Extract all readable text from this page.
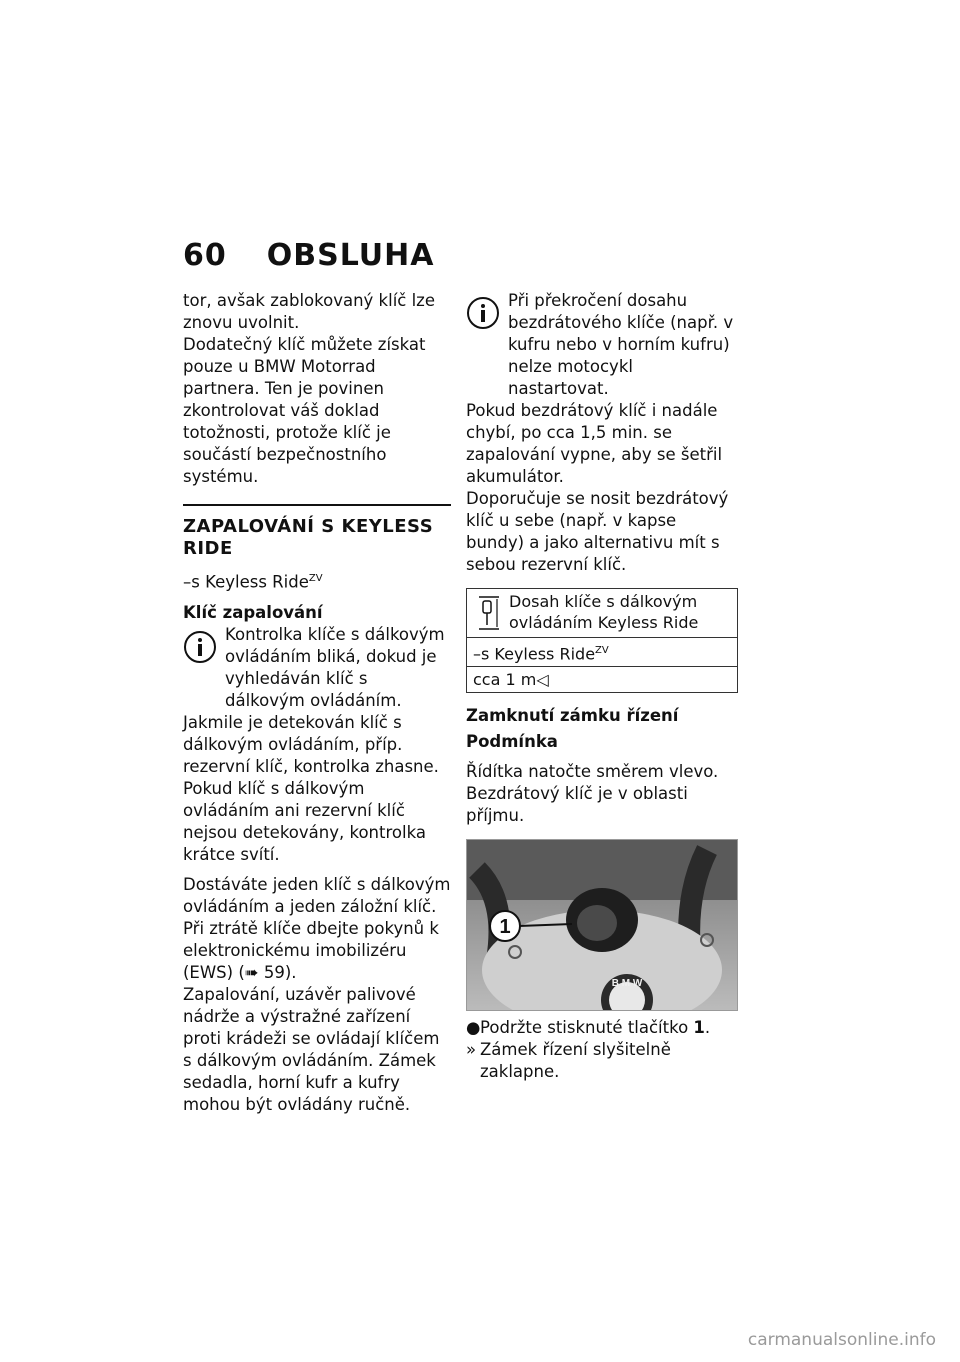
60 OBSLUHA

tor, avšak zablokovaný klíč lze znovu uvolnit.

Dodatečný klíč můžete získat pouze u BMW Motorrad partnera. Ten je povinen zkontrolovat váš doklad totožnosti, protože klíč je součástí bezpečnostního systému.

ZAPALOVÁNÍ S KEYLESS RIDE

–s Keyless Ride$^{ZV}$

Klíč zapalování

Kontrolka klíče s dálkovým ovládáním bliká, dokud je vyhledáván klíč s dálkovým ovládáním.

Jakmile je detekován klíč s dálkovým ovládáním, příp. rezervní klíč, kontrolka zhasne.

Pokud klíč s dálkovým ovládáním ani rezervní klíč nejsou detekovány, kontrolka krátce svítí.

Dostáváte jeden klíč s dálkovým ovládáním a jeden záložní klíč. Při ztrátě klíče dbejte pokynů k elektronickému imobilizéru (EWS) (➠ 59).

Zapalování, uzávěr palivové nádrže a výstražné zařízení proti krádeži se ovládají klíčem s dálkovým ovládáním. Zámek sedadla, horní kufr a kufry mohou být ovládány ručně.

Při překročení dosahu bezdrátového klíče (např. v kufru nebo v horním kufru) nelze motocykl nastartovat.

Pokud bezdrátový klíč i nadále chybí, po cca 1,5 min. se zapalování vypne, aby se šetřil akumulátor.

Doporučuje se nosit bezdrátový klíč u sebe (např. v kapse bundy) a jako alternativu mít s sebou rezervní klíč.

Dosah klíče s dálkovým ovládáním Keyless Ride
–s Keyless Ride$^{ZV}$
cca 1 m◁
Zamknutí zámku řízení
Podmínka

Řídítka natočte směrem vlevo.

Bezdrátový klíč je v oblasti příjmu.

1
B M W
● Podržte stisknuté tlačítko 1.
» Zámek řízení slyšitelně zaklapne.
carmanualsonline.info
